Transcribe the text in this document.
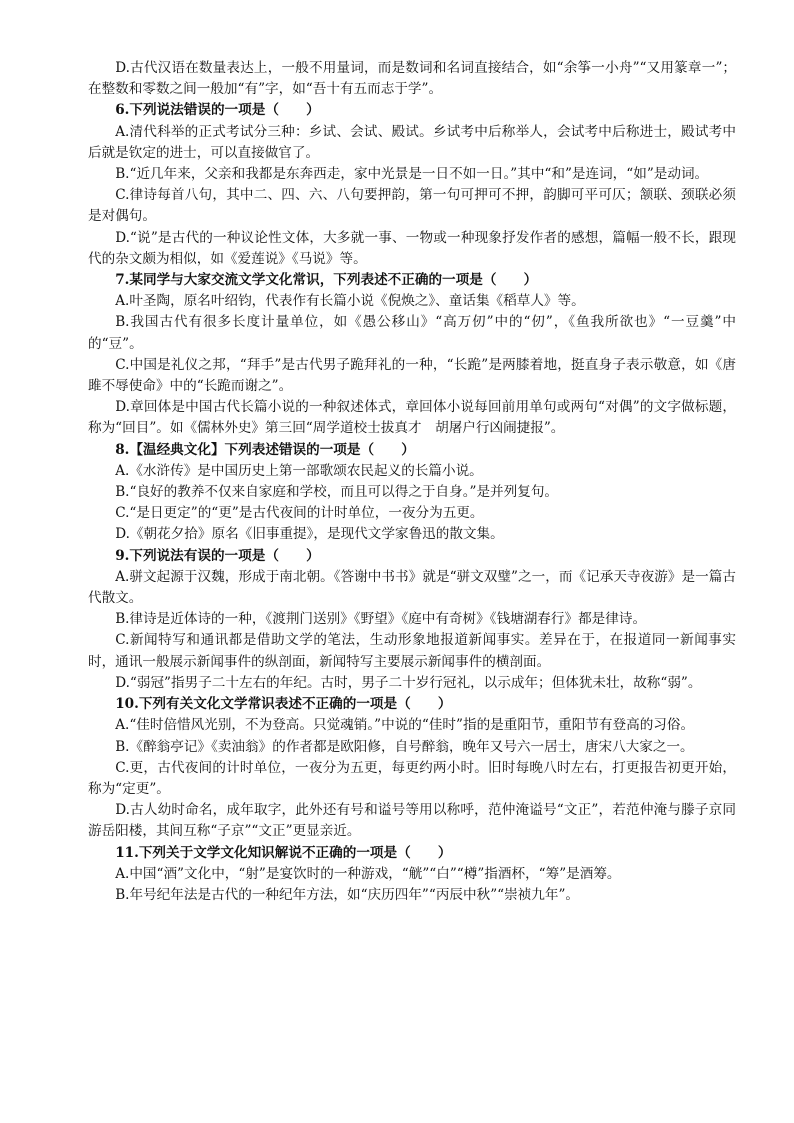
D.古代汉语在数量表达上，一般不用量词，而是数词和名词直接结合，如“余筝一小舟”“又用篆章一”；在整数和零数之间一般加“有”字，如“吾十有五而志于学”。

6.下列说法错误的一项是（　　）

A.清代科举的正式考试分三种：乡试、会试、殿试。乡试考中后称举人，会试考中后称进士，殿试考中后就是钦定的进士，可以直接做官了。

B.“近几年来，父亲和我都是东奔西走，家中光景是一日不如一日。”其中“和”是连词，“如”是动词。

C.律诗每首八句，其中二、四、六、八句要押韵，第一句可押可不押，韵脚可平可仄；颔联、颈联必须是对偶句。

D.“说”是古代的一种议论性文体，大多就一事、一物或一种现象抒发作者的感想，篇幅一般不长，跟现代的杂文颇为相似，如《爱莲说》《马说》等。

7.某同学与大家交流文学文化常识，下列表述不正确的一项是（　　）

A.叶圣陶，原名叶绍钧，代表作有长篇小说《倪焕之》、童话集《稻草人》等。

B.我国古代有很多长度计量单位，如《愚公移山》“高万仞”中的“仞”，《鱼我所欲也》“一豆羹”中的“豆”。

C.中国是礼仪之邦，“拜手”是古代男子跪拜礼的一种，“长跪”是两膝着地，挺直身子表示敬意，如《唐雎不辱使命》中的“长跪而谢之”。

D.章回体是中国古代长篇小说的一种叙述体式，章回体小说每回前用单句或两句“对偶”的文字做标题，称为“回目”。如《儒林外史》第三回“周学道校士拔真才　胡屠户行凶闹捷报”。

8.【温经典文化】下列表述错误的一项是（　　）

A.《水浒传》是中国历史上第一部歌颂农民起义的长篇小说。

B.“良好的教养不仅来自家庭和学校，而且可以得之于自身。”是并列复句。

C.“是日更定”的“更”是古代夜间的计时单位，一夜分为五更。

D.《朝花夕拾》原名《旧事重提》，是现代文学家鲁迅的散文集。

9.下列说法有误的一项是（　　）

A.骈文起源于汉魏，形成于南北朝。《答谢中书书》就是“骈文双璧”之一，而《记承天寺夜游》是一篇古代散文。

B.律诗是近体诗的一种，《渡荆门送别》《野望》《庭中有奇树》《钱塘湖春行》都是律诗。

C.新闻特写和通讯都是借助文学的笔法，生动形象地报道新闻事实。差异在于，在报道同一新闻事实时，通讯一般展示新闻事件的纵剖面，新闻特写主要展示新闻事件的横剖面。

D.“弱冠”指男子二十左右的年纪。古时，男子二十岁行冠礼，以示成年；但体犹未壮，故称“弱”。

10.下列有关文化文学常识表述不正确的一项是（　　）

A.“佳时倍惜风光别，不为登高。只觉魂销。”中说的“佳时”指的是重阳节，重阳节有登高的习俗。

B.《醉翁亭记》《卖油翁》的作者都是欧阳修，自号醉翁，晚年又号六一居士，唐宋八大家之一。

C.更，古代夜间的计时单位，一夜分为五更，每更约两小时。旧时每晚八时左右，打更报告初更开始，称为“定更”。

D.古人幼时命名，成年取字，此外还有号和谥号等用以称呼，范仲淹谥号“文正”，若范仲淹与滕子京同游岳阳楼，其间互称“子京”“文正”更显亲近。

11.下列关于文学文化知识解说不正确的一项是（　　）

A.中国“酒”文化中，“射”是宴饮时的一种游戏，“觥”“白”“樽”指酒杯，“筹”是酒筹。

B.年号纪年法是古代的一种纪年方法，如“庆历四年”“丙辰中秋”“崇祯九年”。
